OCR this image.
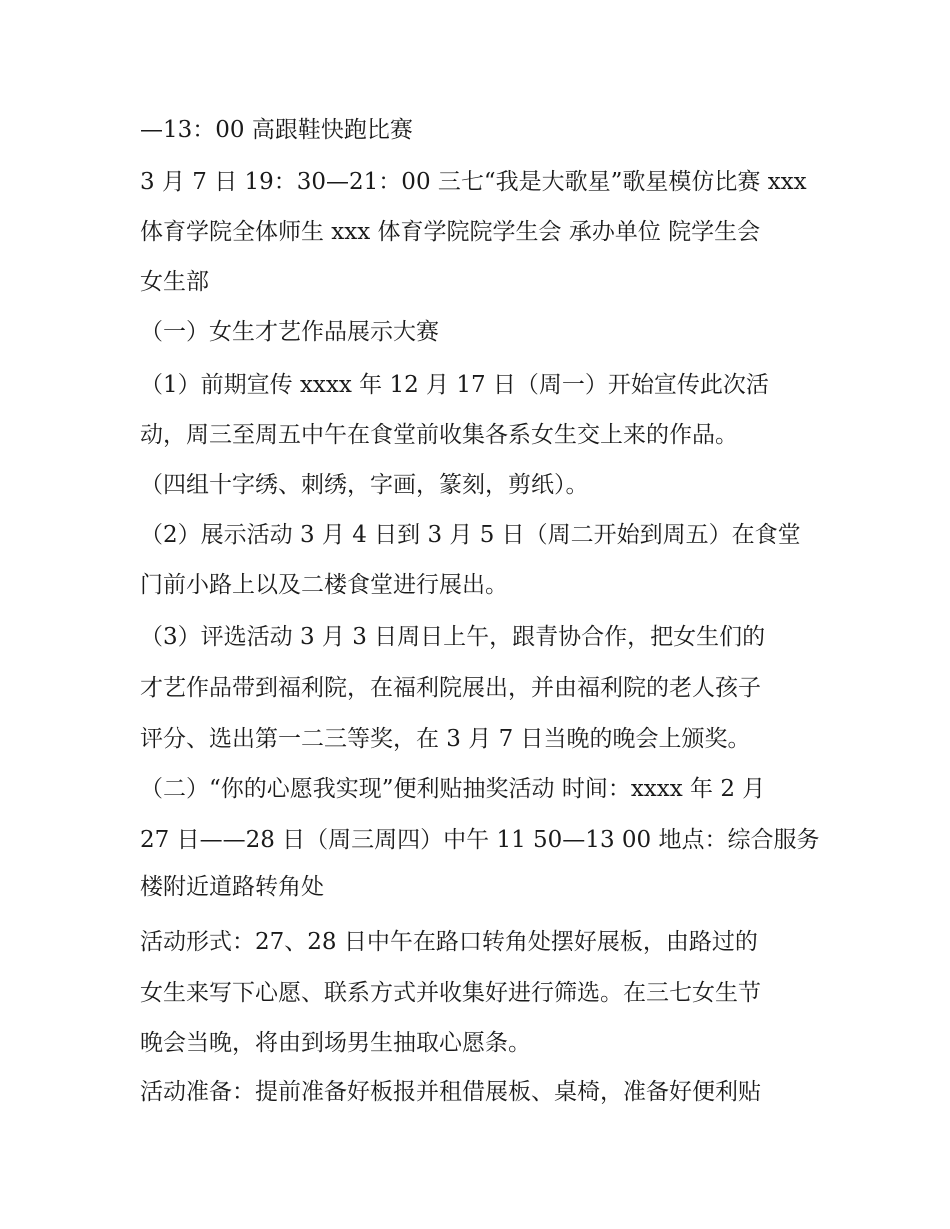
—13：00 高跟鞋快跑比赛

3 月 7 日 19：30—21：00 三七“我是大歌星”歌星模仿比赛 xxx

体育学院全体师生 xxx 体育学院院学生会 承办单位 院学生会

女生部

（一）女生才艺作品展示大赛

（1）前期宣传 xxxx 年 12 月 17 日（周一）开始宣传此次活

动，周三至周五中午在食堂前收集各系女生交上来的作品。

（四组十字绣、刺绣，字画，篆刻，剪纸）。

（2）展示活动 3 月 4 日到 3 月 5 日（周二开始到周五）在食堂

门前小路上以及二楼食堂进行展出。

（3）评选活动 3 月 3 日周日上午，跟青协合作，把女生们的

才艺作品带到福利院，在福利院展出，并由福利院的老人孩子

评分、选出第一二三等奖，在 3 月 7 日当晚的晚会上颁奖。

（二）“你的心愿我实现”便利贴抽奖活动 时间：xxxx 年 2 月

27 日——28 日（周三周四）中午 11 50—13 00 地点：综合服务

楼附近道路转角处

活动形式：27、28 日中午在路口转角处摆好展板，由路过的

女生来写下心愿、联系方式并收集好进行筛选。在三七女生节

晚会当晚，将由到场男生抽取心愿条。

活动准备：提前准备好板报并租借展板、桌椅，准备好便利贴
